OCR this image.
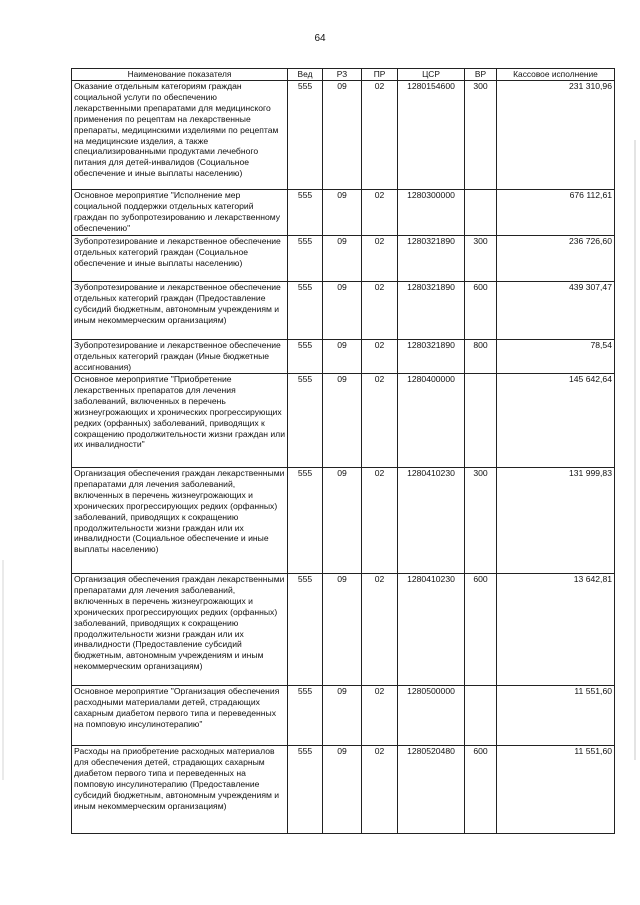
64
Наименование показателя	Вед	РЗ	ПР	ЦСР	ВР	Кассовое исполнение
Оказание отдельным категориям граждан социальной услуги по обеспечению лекарственными препаратами для медицинского применения по рецептам на лекарственные препараты, медицинскими изделиями по рецептам на медицинские изделия, а также специализированными продуктами лечебного питания для детей-инвалидов (Социальное обеспечение и иные выплаты населению)	555	09	02	1280154600	300	231 310,96
Основное мероприятие "Исполнение мер социальной поддержки отдельных категорий граждан по зубопротезированию и лекарственному обеспечению"	555	09	02	1280300000		676 112,61
Зубопротезирование и лекарственное обеспечение отдельных категорий граждан (Социальное обеспечение и иные выплаты населению)	555	09	02	1280321890	300	236 726,60
Зубопротезирование и лекарственное обеспечение отдельных категорий граждан (Предоставление субсидий бюджетным, автономным учреждениям и иным некоммерческим организациям)	555	09	02	1280321890	600	439 307,47
Зубопротезирование и лекарственное обеспечение отдельных категорий граждан (Иные бюджетные ассигнования)	555	09	02	1280321890	800	78,54
Основное мероприятие "Приобретение лекарственных препаратов для лечения заболеваний, включенных в перечень жизнеугрожающих и хронических прогрессирующих редких (орфанных) заболеваний, приводящих к сокращению продолжительности жизни граждан или их инвалидности"	555	09	02	1280400000		145 642,64
Организация обеспечения граждан лекарственными препаратами для лечения заболеваний, включенных в перечень жизнеугрожающих и хронических прогрессирующих редких (орфанных) заболеваний, приводящих к сокращению продолжительности жизни граждан или их инвалидности (Социальное обеспечение и иные выплаты населению)	555	09	02	1280410230	300	131 999,83
Организация обеспечения граждан лекарственными препаратами для лечения заболеваний, включенных в перечень жизнеугрожающих и хронических прогрессирующих редких (орфанных) заболеваний, приводящих к сокращению продолжительности жизни граждан или их инвалидности (Предоставление субсидий бюджетным, автономным учреждениям и иным некоммерческим организациям)	555	09	02	1280410230	600	13 642,81
Основное мероприятие "Организация обеспечения расходными материалами детей, страдающих сахарным диабетом первого типа и переведенных на помповую инсулинотерапию"	555	09	02	1280500000		11 551,60
Расходы на приобретение расходных материалов для обеспечения детей, страдающих сахарным диабетом первого типа и переведенных на помповую инсулинотерапию (Предоставление субсидий бюджетным, автономным учреждениям и иным некоммерческим организациям)	555	09	02	1280520480	600	11 551,60
